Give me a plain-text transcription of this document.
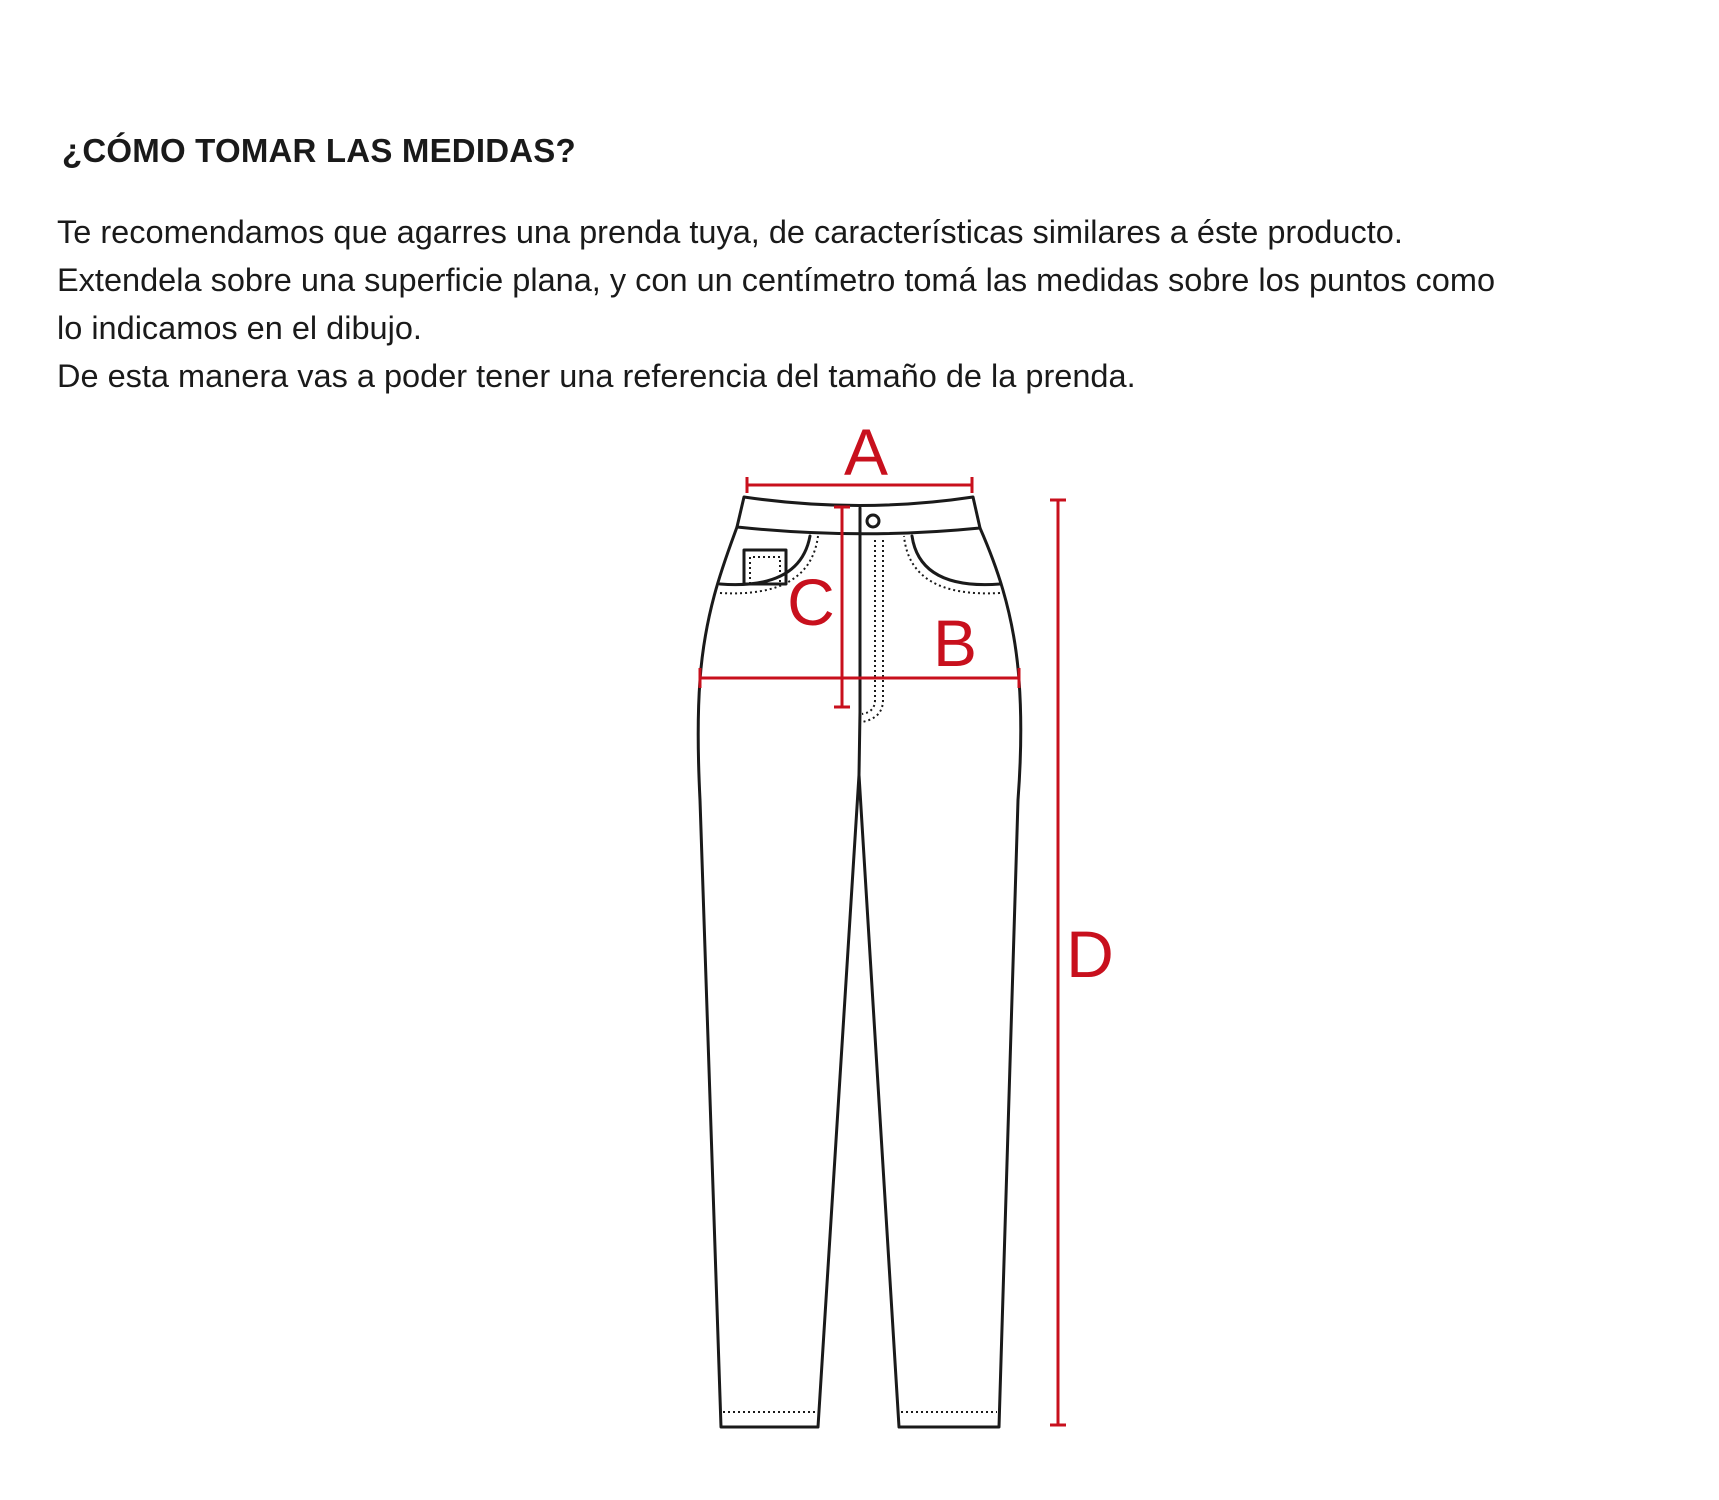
¿CÓMO TOMAR LAS MEDIDAS?

Te recomendamos que agarres una prenda tuya, de características similares a éste producto.

Extendela sobre una superficie plana, y con un centímetro tomá las medidas sobre los puntos como

lo indicamos en el dibujo.

De esta manera vas a poder tener una referencia del tamaño de la prenda.

A
B
C
D
